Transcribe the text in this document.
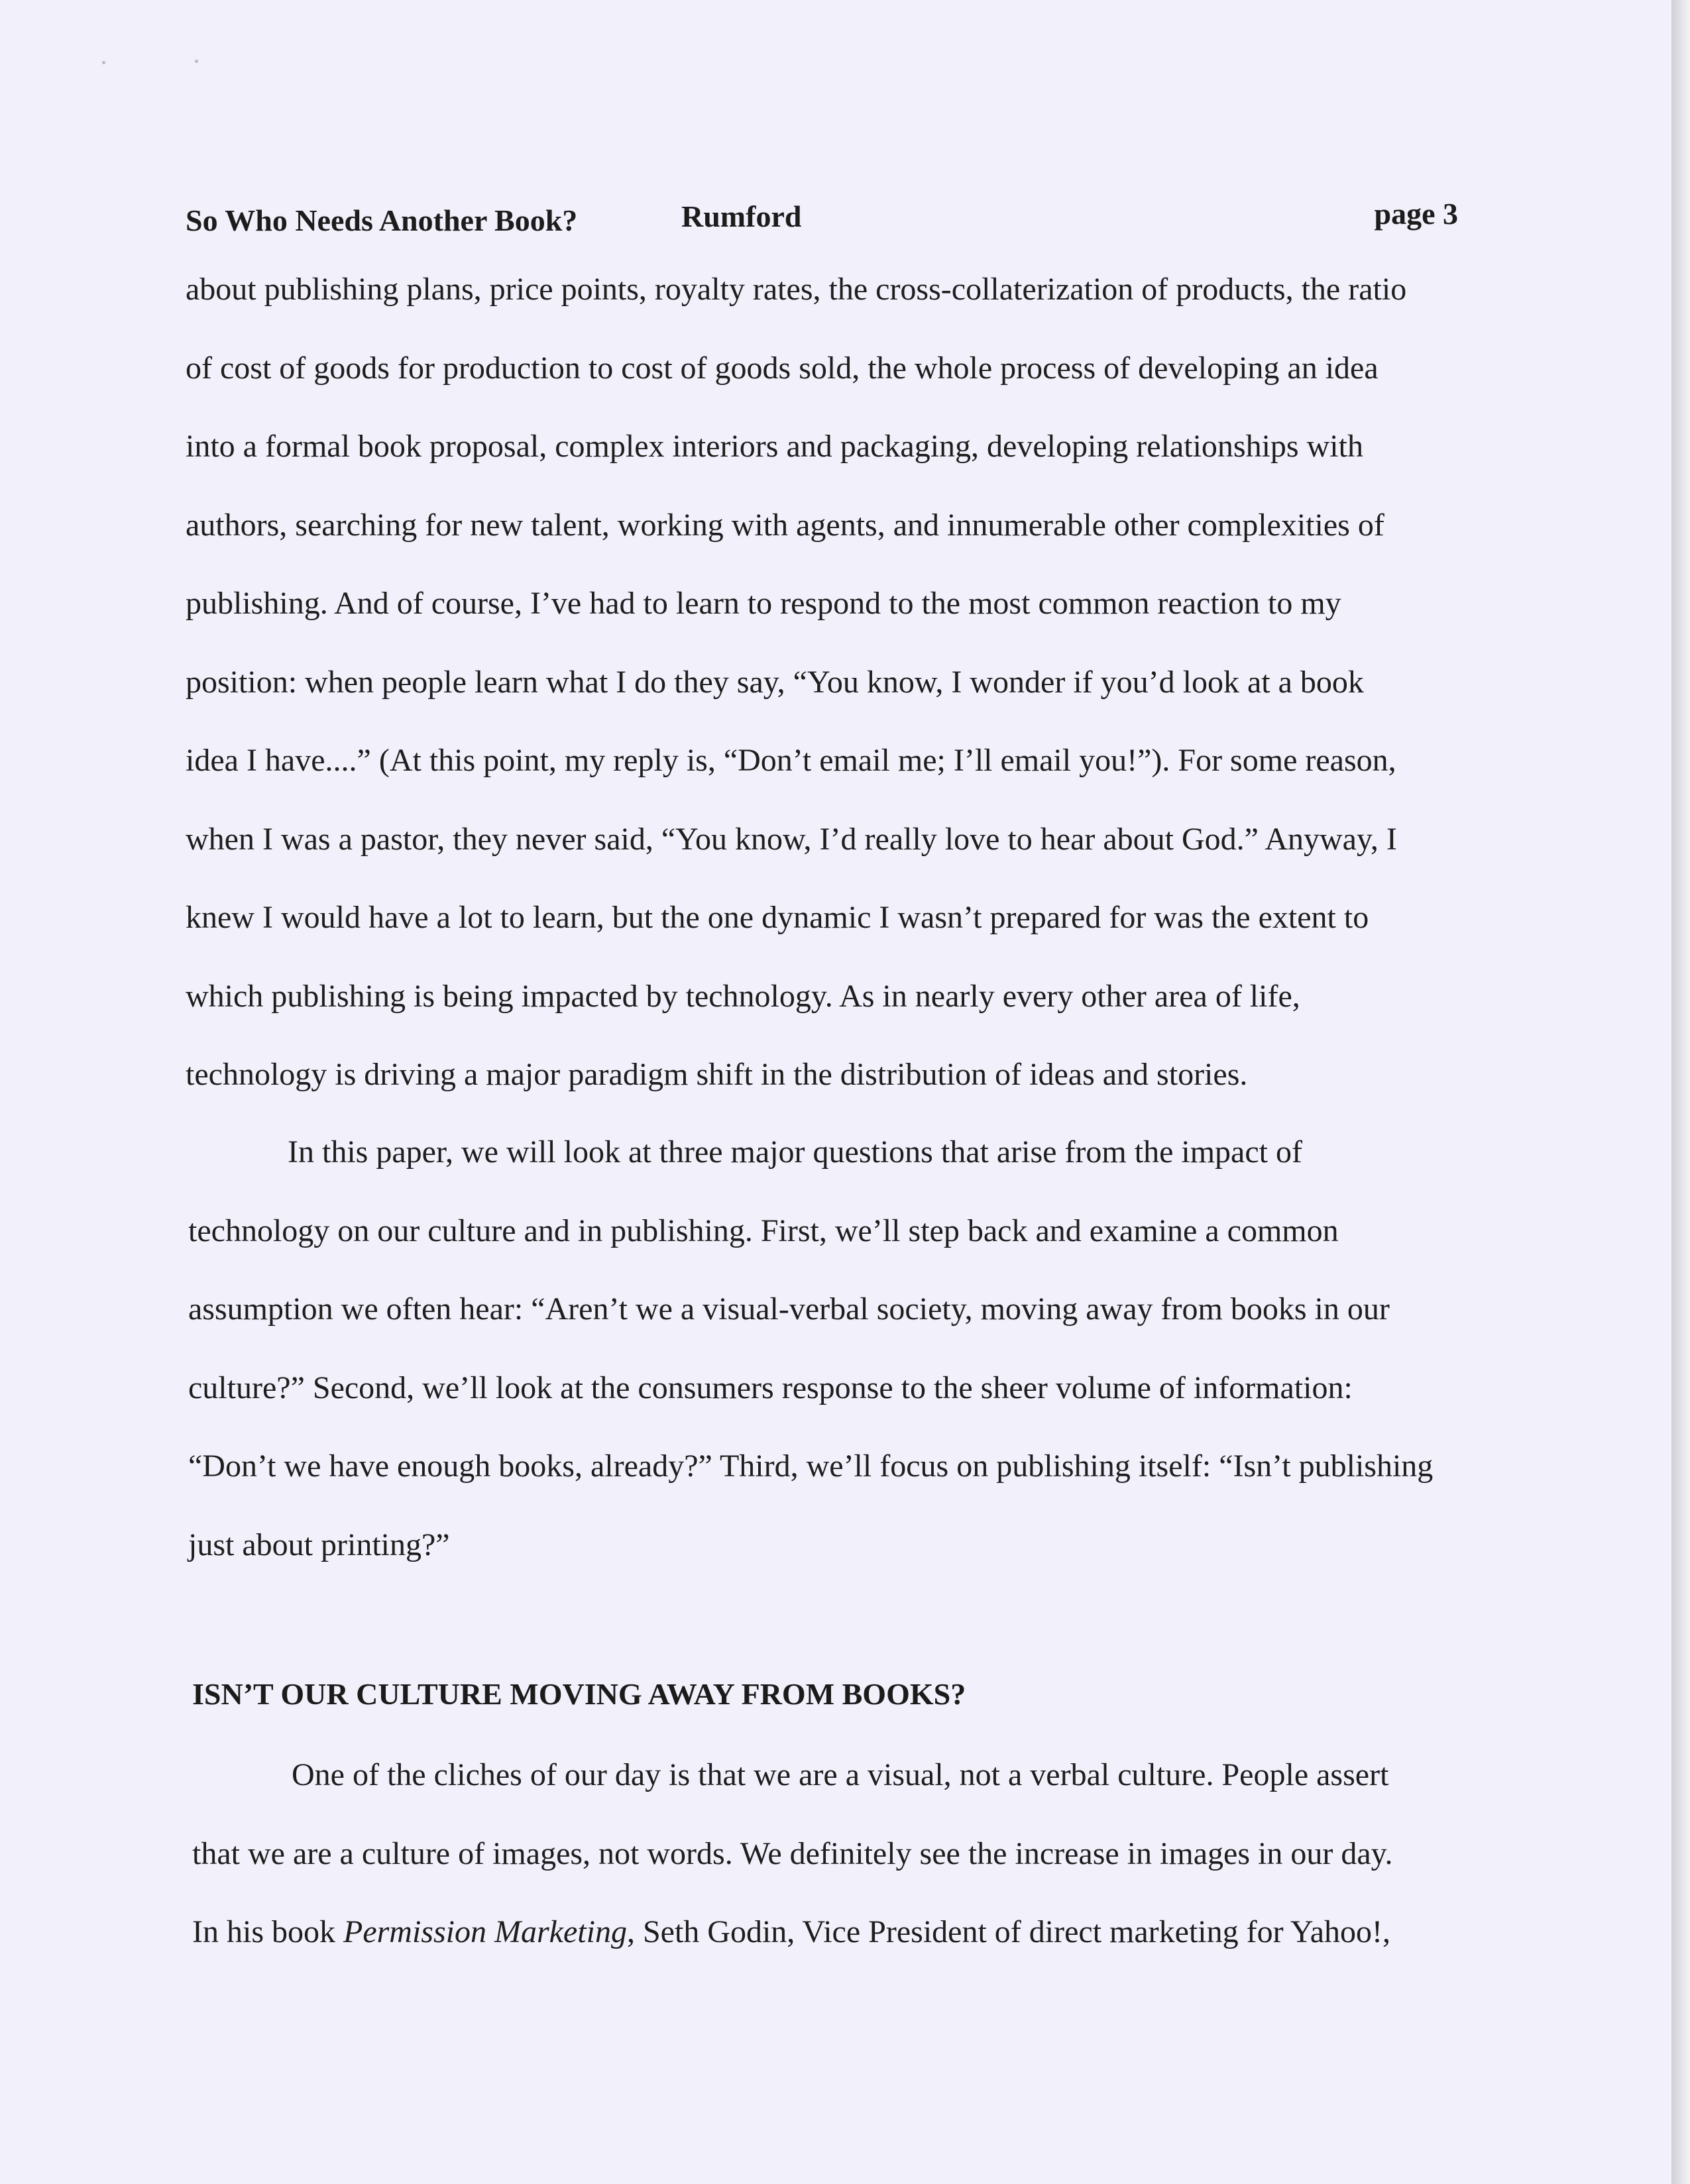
So Who Needs Another Book?	Rumford	page 3
about publishing plans, price points, royalty rates, the cross-collaterization of products, the ratio
of cost of goods for production to cost of goods sold, the whole process of developing an idea
into a formal book proposal, complex interiors and packaging, developing relationships with
authors, searching for new talent, working with agents, and innumerable other complexities of
publishing. And of course, I’ve had to learn to respond to the most common reaction to my
position: when people learn what I do they say, “You know, I wonder if you’d look at a book
idea I have....” (At this point, my reply is, “Don’t email me; I’ll email you!”). For some reason,
when I was a pastor, they never said, “You know, I’d really love to hear about God.” Anyway, I
knew I would have a lot to learn, but the one dynamic I wasn’t prepared for was the extent to
which publishing is being impacted by technology. As in nearly every other area of life,
technology is driving a major paradigm shift in the distribution of ideas and stories.
In this paper, we will look at three major questions that arise from the impact of
technology on our culture and in publishing. First, we’ll step back and examine a common
assumption we often hear: “Aren’t we a visual-verbal society, moving away from books in our
culture?” Second, we’ll look at the consumers response to the sheer volume of information:
“Don’t we have enough books, already?” Third, we’ll focus on publishing itself: “Isn’t publishing
just about printing?”
ISN’T OUR CULTURE MOVING AWAY FROM BOOKS?
One of the cliches of our day is that we are a visual, not a verbal culture. People assert
that we are a culture of images, not words. We definitely see the increase in images in our day.
In his book Permission Marketing, Seth Godin, Vice President of direct marketing for Yahoo!,
